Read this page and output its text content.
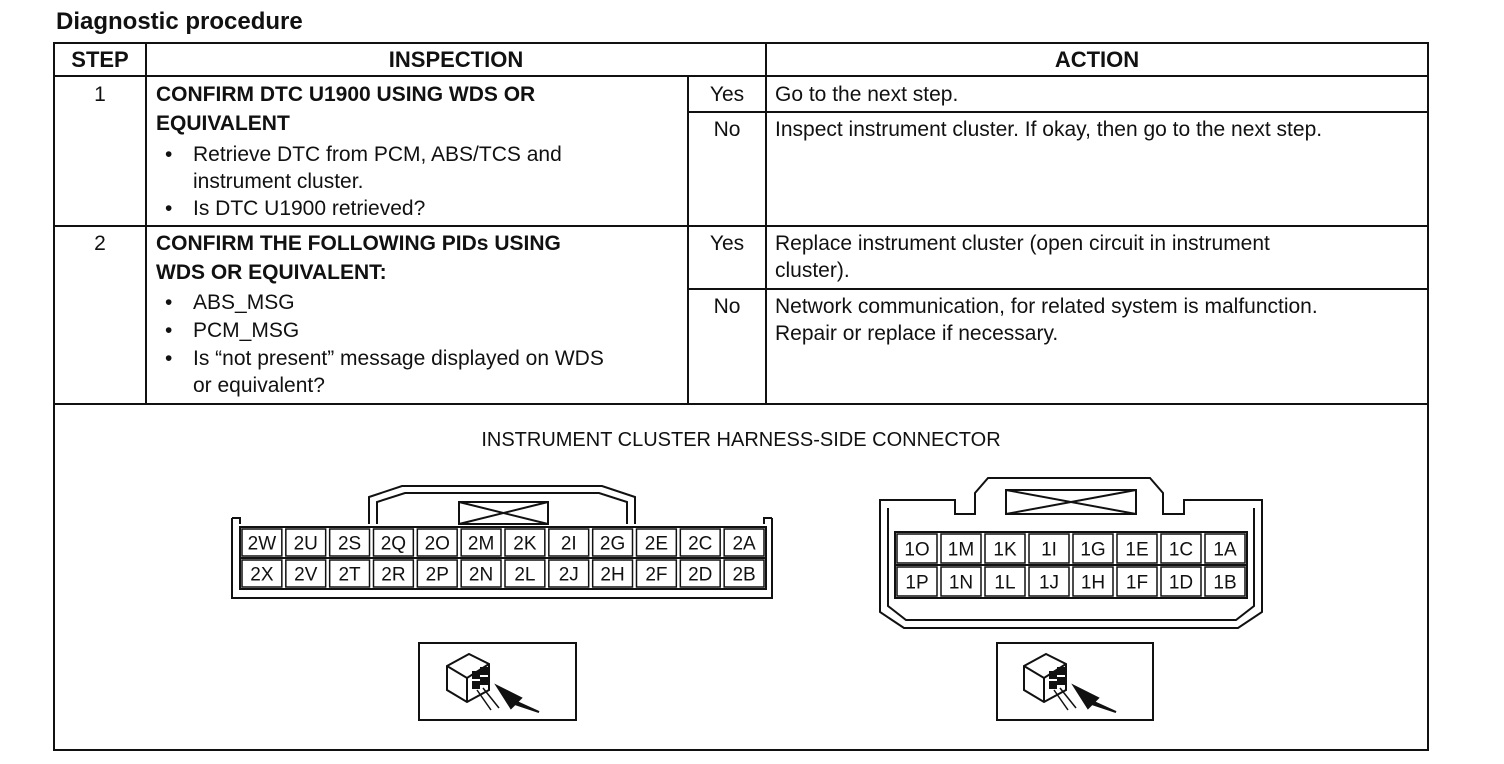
Diagnostic procedure
STEP	INSPECTION	ACTION
1	CONFIRM DTC U1900 USING WDS OR
EQUIVALENT
• Retrieve DTC from PCM, ABS/TCS and
instrument cluster.
• Is DTC U1900 retrieved?
Yes	Go to the next step.
No	Inspect instrument cluster. If okay, then go to the next step.
2	CONFIRM THE FOLLOWING PIDs USING
WDS OR EQUIVALENT:
• ABS_MSG
• PCM_MSG
• Is “not present” message displayed on WDS
or equivalent?
Yes	Replace instrument cluster (open circuit in instrument
cluster).
No	Network communication, for related system is malfunction.
Repair or replace if necessary.
INSTRUMENT CLUSTER HARNESS-SIDE CONNECTOR
2W 2U 2S 2Q 2O 2M 2K 2I 2G 2E 2C 2A
2X 2V 2T 2R 2P 2N 2L 2J 2H 2F 2D 2B
1O 1M 1K 1I 1G 1E 1C 1A
1P 1N 1L 1J 1H 1F 1D 1B
